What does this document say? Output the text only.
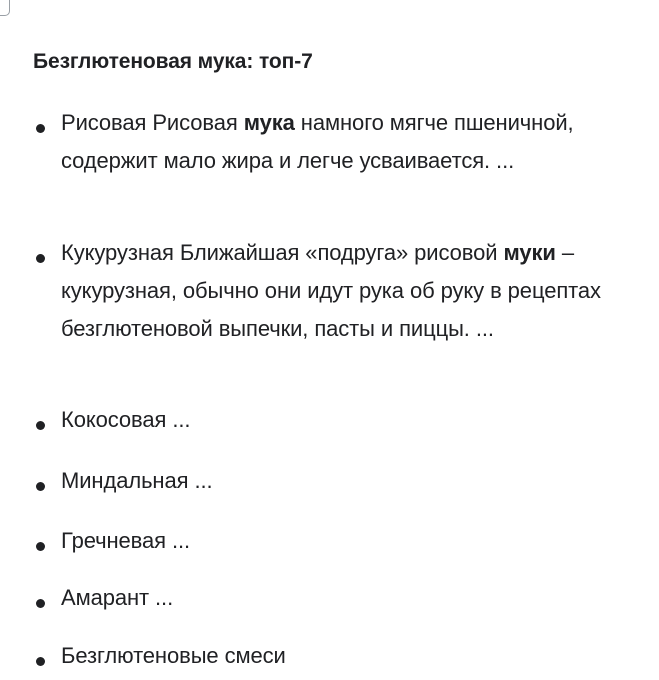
Безглютеновая мука: топ-7
Рисовая Рисовая мука намного мягче пшеничной, содержит мало жира и легче усваивается. ...
Кукурузная Ближайшая «подруга» рисовой муки – кукурузная, обычно они идут рука об руку в рецептах безглютеновой выпечки, пасты и пиццы. ...
Кокосовая ...
Миндальная ...
Гречневая ...
Амарант ...
Безглютеновые смеси
